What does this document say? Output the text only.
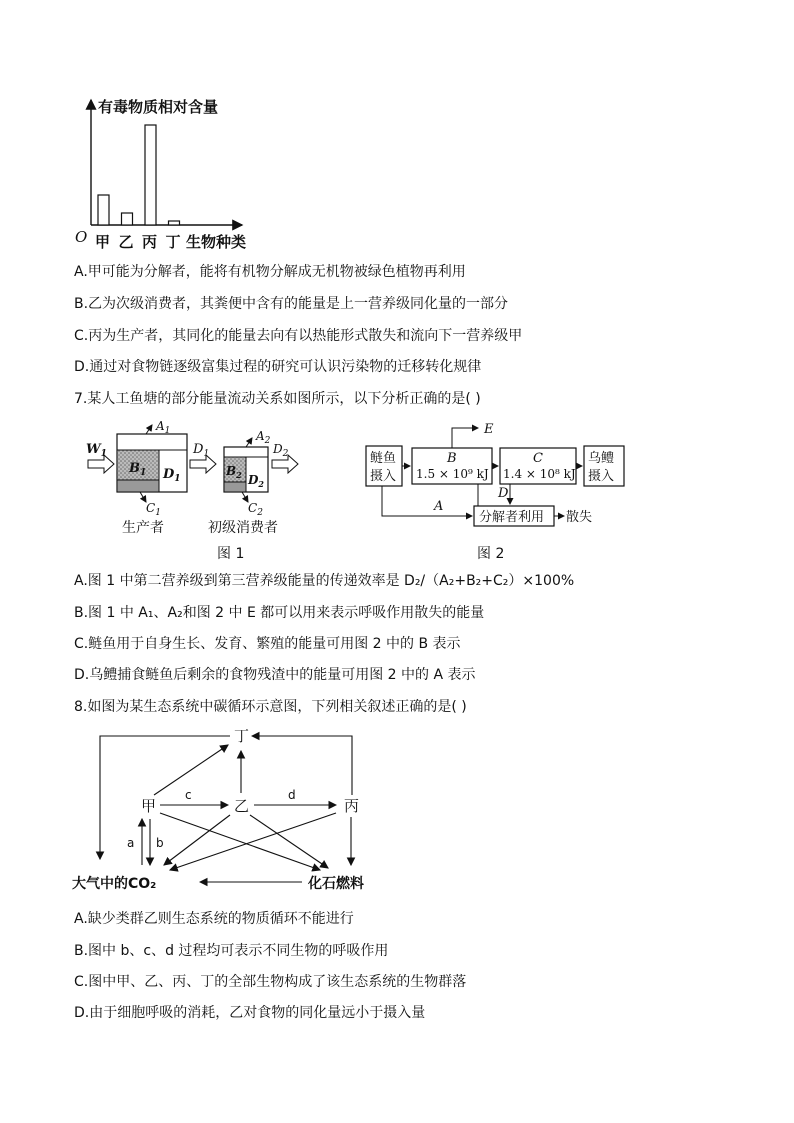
有毒物质相对含量
O 甲 乙 丙 丁 生物种类
A.甲可能为分解者，能将有机物分解成无机物被绿色植物再利用
B.乙为次级消费者，其粪便中含有的能量是上一营养级同化量的一部分
C.丙为生产者，其同化的能量去向有以热能形式散失和流向下一营养级甲
D.通过对食物链逐级富集过程的研究可认识污染物的迁移转化规律
7.某人工鱼塘的部分能量流动关系如图所示，以下分析正确的是( )
$W_1$
$B_1$ $D_1$
$A_1$
$C_1$
$D_1$
$B_2$ $D_2$
$A_2$
$C_2$
$D_2$
生产者	初级消费者
图 1
鲢鱼
摄入
B
1.5 × 10⁹ kJ
C
1.4 × 10⁸ kJ
乌鳢
摄入
E
D
A
分解者利用 散失
图 2
A.图 1 中第二营养级到第三营养级能量的传递效率是 D₂/（A₂+B₂+C₂）×100%
B.图 1 中 A₁、A₂和图 2 中 E 都可以用来表示呼吸作用散失的能量
C.鲢鱼用于自身生长、发育、繁殖的能量可用图 2 中的 B 表示
D.乌鳢捕食鲢鱼后剩余的食物残渣中的能量可用图 2 中的 A 表示
8.如图为某生态系统中碳循环示意图，下列相关叙述正确的是( )
丁
甲	乙	丙
大气中的CO₂	化石燃料
c	d
a b
A.缺少类群乙则生态系统的物质循环不能进行
B.图中 b、c、d 过程均可表示不同生物的呼吸作用
C.图中甲、乙、丙、丁的全部生物构成了该生态系统的生物群落
D.由于细胞呼吸的消耗，乙对食物的同化量远小于摄入量
